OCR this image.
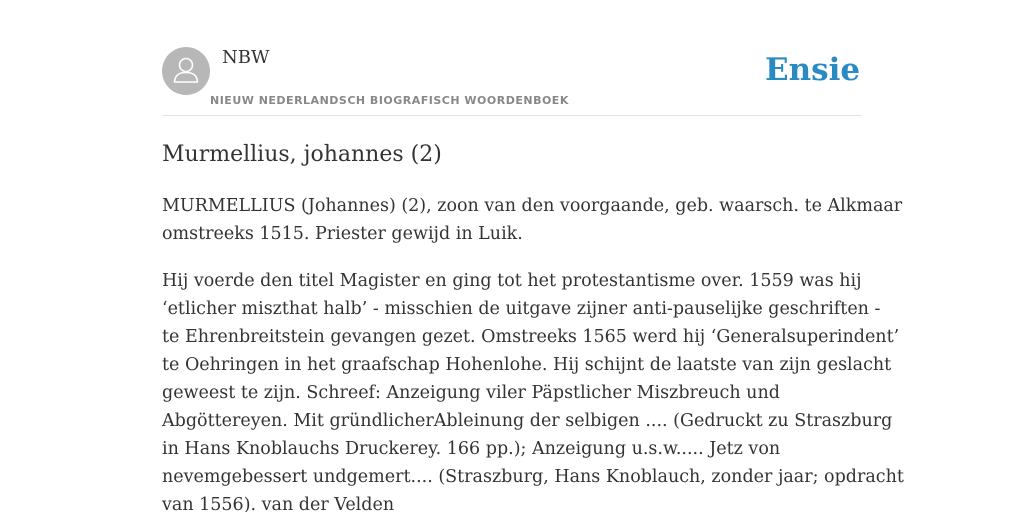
NBW
NIEUW NEDERLANDSCH BIOGRAFISCH WOORDENBOEK
Ensie
Murmellius, johannes (2)

MURMELLIUS (Johannes) (2), zoon van den voorgaande, geb. waarsch. te Alkmaar
omstreeks 1515. Priester gewijd in Luik.

Hij voerde den titel Magister en ging tot het protestantisme over. 1559 was hij
‘etlicher miszthat halb’ - misschien de uitgave zijner anti-pauselijke geschriften -
te Ehrenbreitstein gevangen gezet. Omstreeks 1565 werd hij ‘Generalsuperindent’
te Oehringen in het graafschap Hohenlohe. Hij schijnt de laatste van zijn geslacht
geweest te zijn. Schreef: Anzeigung viler Päpstlicher Miszbreuch und
Abgöttereyen. Mit gründlicherAbleinung der selbigen .... (Gedruckt zu Straszburg
in Hans Knoblauchs Druckerey. 166 pp.); Anzeigung u.s.w..... Jetz von
nevemgebessert undgemert.... (Straszburg, Hans Knoblauch, zonder jaar; opdracht
van 1556). van der Velden
